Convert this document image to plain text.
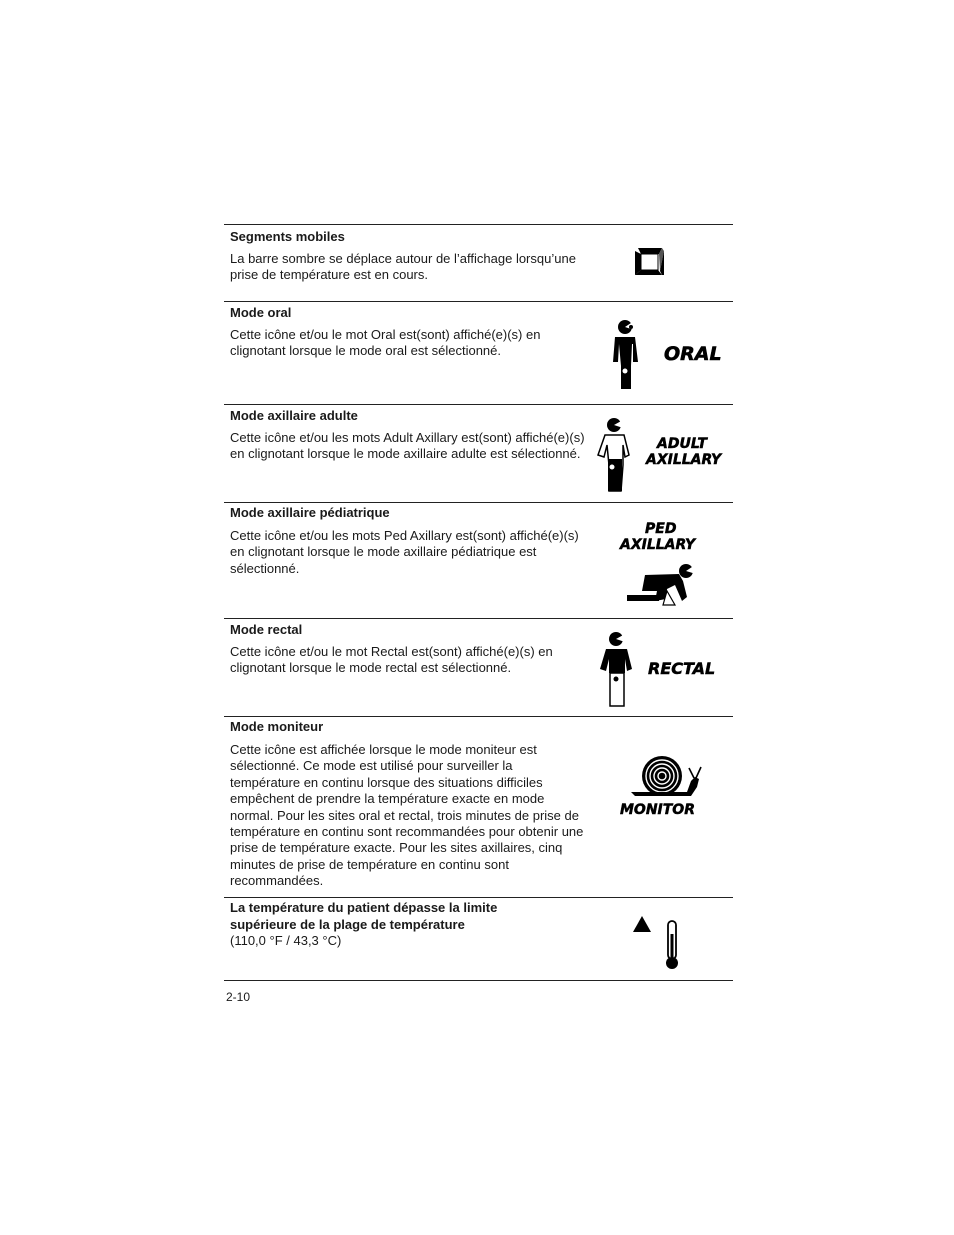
Segments mobiles
La barre sombre se déplace autour de l’affichage lorsqu’une prise de température est en cours.
Mode oral
Cette icône et/ou le mot Oral est(sont) affiché(e)(s) en clignotant lorsque le mode oral est sélectionné.	ORAL
Mode axillaire adulte
Cette icône et/ou les mots Adult Axillary est(sont) affiché(e)(s) en clignotant lorsque le mode axillaire adulte est sélectionné.
ADULT
AXILLARY
Mode axillaire pédiatrique
Cette icône et/ou les mots Ped Axillary est(sont) affiché(e)(s) en clignotant lorsque le mode axillaire pédiatrique est sélectionné.
PED
AXILLARY
Mode rectal
Cette icône et/ou le mot Rectal est(sont) affiché(e)(s) en clignotant lorsque le mode rectal est sélectionné.	RECTAL
Mode moniteur
Cette icône est affichée lorsque le mode moniteur est sélectionné. Ce mode est utilisé pour surveiller la température en continu lorsque des situations difficiles empêchent de prendre la température exacte en mode normal. Pour les sites oral et rectal, trois minutes de prise de température en continu sont recommandées pour obtenir une prise de température exacte. Pour les sites axillaires, cinq minutes de prise de température en continu sont recommandées.
MONITOR
La température du patient dépasse la limite supérieure de la plage de température
(110,0 °F / 43,3 °C)
2-10
